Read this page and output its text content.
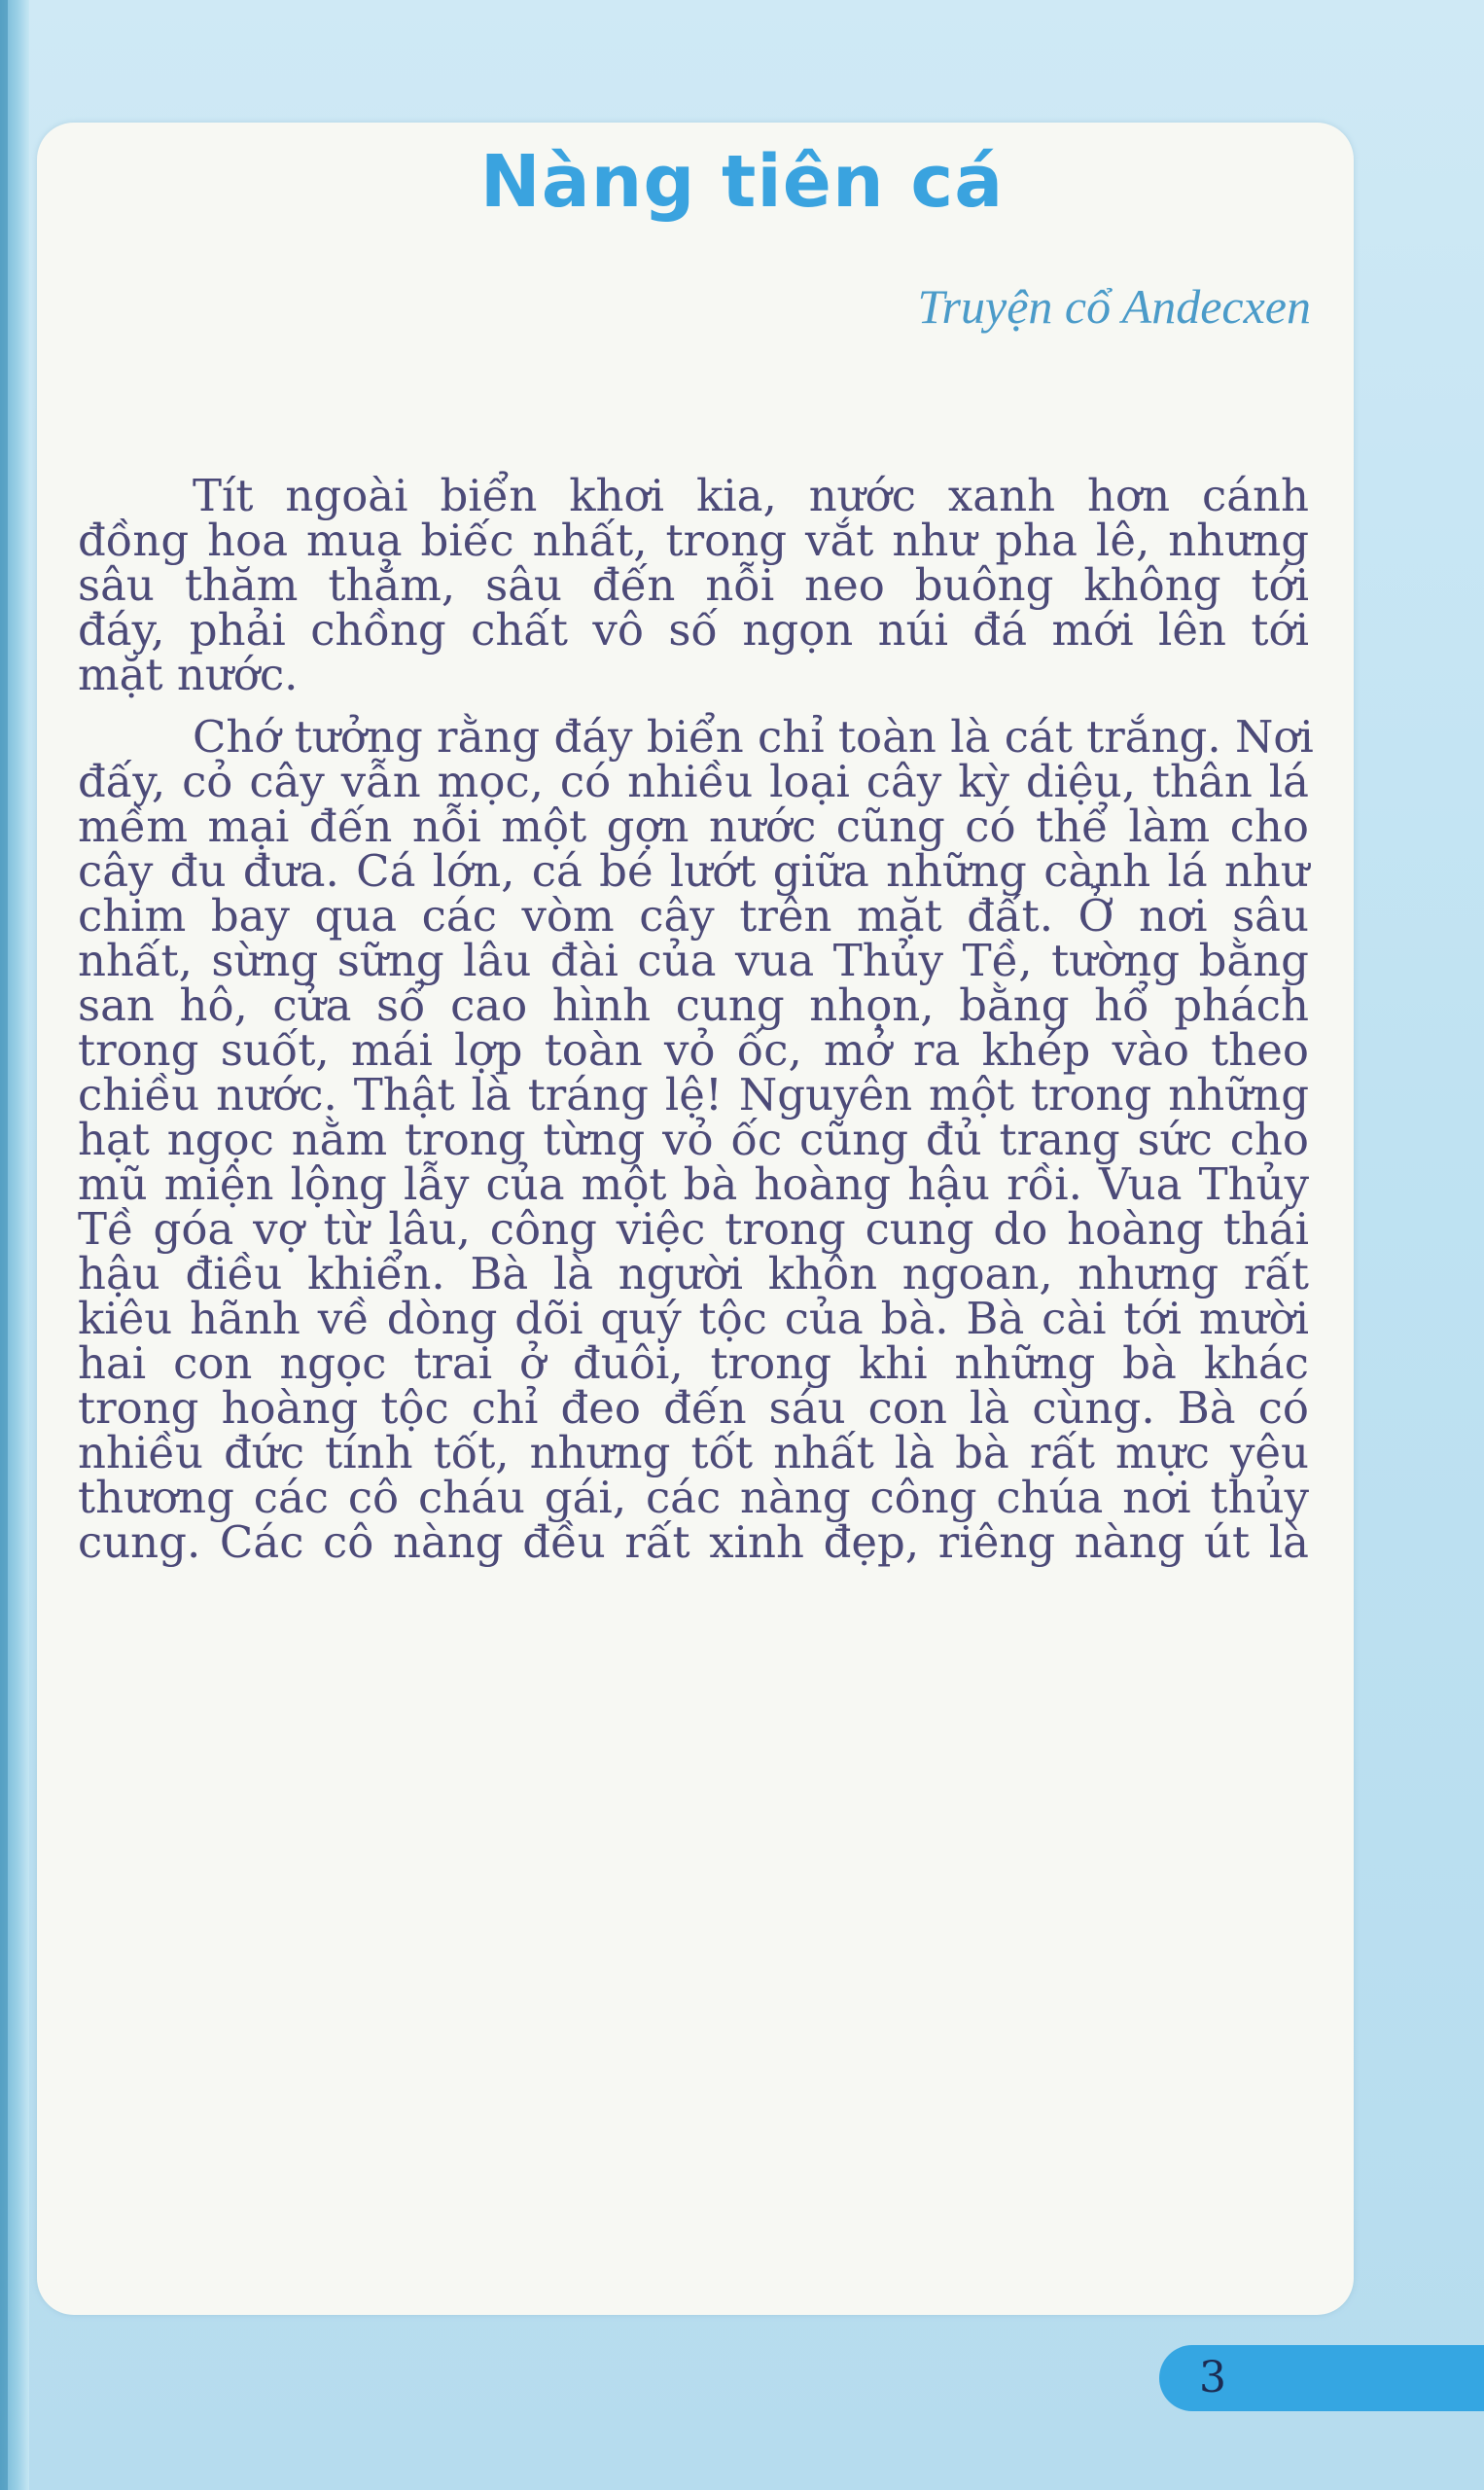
Nàng tiên cá

Truyện cổ Andecxen

Tít ngoài biển khơi kia, nước xanh hơn cánh
đồng hoa mua biếc nhất, trong vắt như pha lê, nhưng
sâu thăm thẳm, sâu đến nỗi neo buông không tới
đáy, phải chồng chất vô số ngọn núi đá mới lên tới
mặt nước.
Chớ tưởng rằng đáy biển chỉ toàn là cát trắng. Nơi
đấy, cỏ cây vẫn mọc, có nhiều loại cây kỳ diệu, thân lá
mềm mại đến nỗi một gợn nước cũng có thể làm cho
cây đu đưa. Cá lớn, cá bé lướt giữa những cành lá như
chim bay qua các vòm cây trên mặt đất. Ở nơi sâu
nhất, sừng sững lâu đài của vua Thủy Tề, tường bằng
san hô, cửa sổ cao hình cung nhọn, bằng hổ phách
trong suốt, mái lợp toàn vỏ ốc, mở ra khép vào theo
chiều nước. Thật là tráng lệ! Nguyên một trong những
hạt ngọc nằm trong từng vỏ ốc cũng đủ trang sức cho
mũ miện lộng lẫy của một bà hoàng hậu rồi. Vua Thủy
Tề góa vợ từ lâu, công việc trong cung do hoàng thái
hậu điều khiển. Bà là người khôn ngoan, nhưng rất
kiêu hãnh về dòng dõi quý tộc của bà. Bà cài tới mười
hai con ngọc trai ở đuôi, trong khi những bà khác
trong hoàng tộc chỉ đeo đến sáu con là cùng. Bà có
nhiều đức tính tốt, nhưng tốt nhất là bà rất mực yêu
thương các cô cháu gái, các nàng công chúa nơi thủy
cung. Các cô nàng đều rất xinh đẹp, riêng nàng út là
3
